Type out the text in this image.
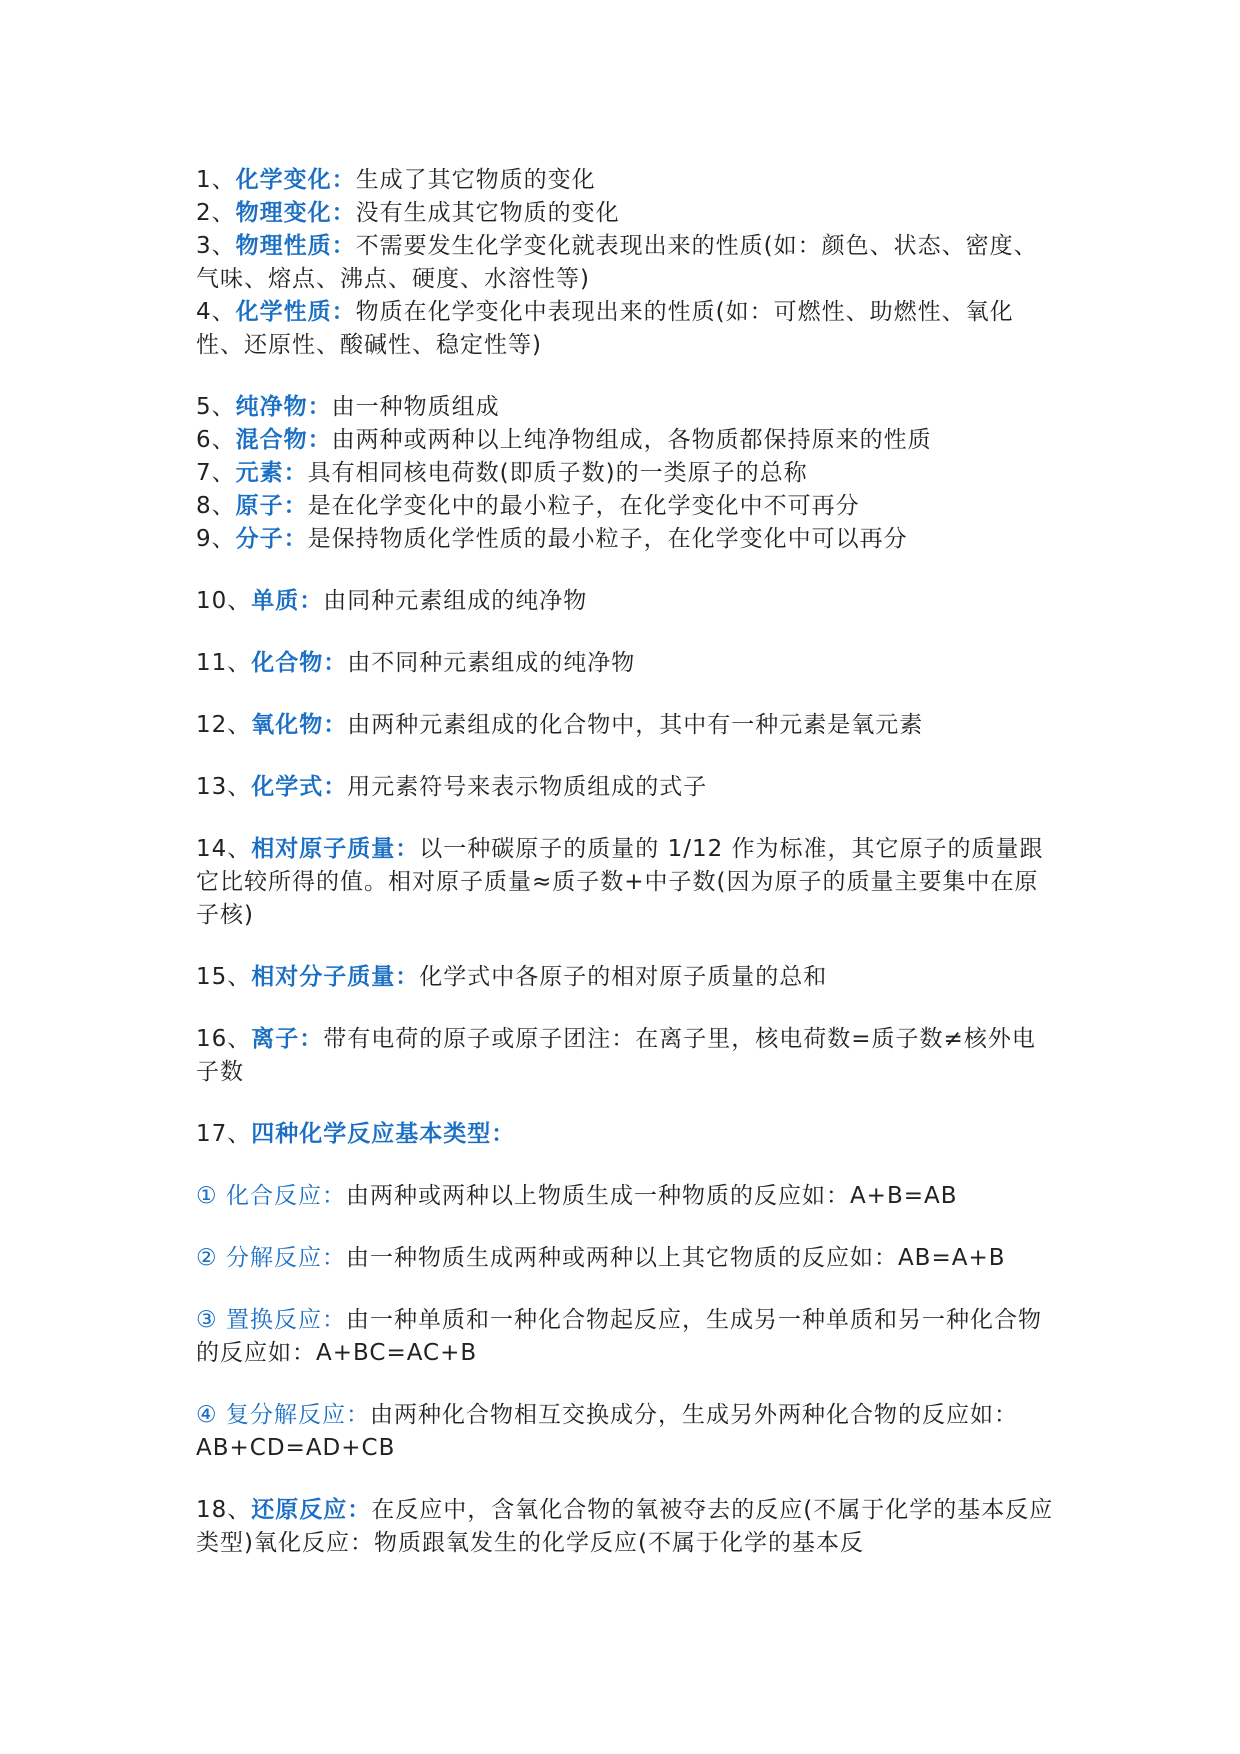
1、化学变化：生成了其它物质的变化
2、物理变化：没有生成其它物质的变化
3、物理性质：不需要发生化学变化就表现出来的性质(如：颜色、状态、密度、气味、熔点、沸点、硬度、水溶性等)
4、化学性质：物质在化学变化中表现出来的性质(如：可燃性、助燃性、氧化性、还原性、酸碱性、稳定性等)
5、纯净物：由一种物质组成
6、混合物：由两种或两种以上纯净物组成，各物质都保持原来的性质
7、元素：具有相同核电荷数(即质子数)的一类原子的总称
8、原子：是在化学变化中的最小粒子，在化学变化中不可再分
9、分子：是保持物质化学性质的最小粒子，在化学变化中可以再分
10、单质：由同种元素组成的纯净物
11、化合物：由不同种元素组成的纯净物
12、氧化物：由两种元素组成的化合物中，其中有一种元素是氧元素
13、化学式：用元素符号来表示物质组成的式子
14、相对原子质量：以一种碳原子的质量的 1/12 作为标准，其它原子的质量跟它比较所得的值。相对原子质量≈质子数+中子数(因为原子的质量主要集中在原子核)
15、相对分子质量：化学式中各原子的相对原子质量的总和
16、离子：带有电荷的原子或原子团注：在离子里，核电荷数=质子数≠核外电子数
17、四种化学反应基本类型：
① 化合反应：由两种或两种以上物质生成一种物质的反应如：A+B=AB
② 分解反应：由一种物质生成两种或两种以上其它物质的反应如：AB=A+B
③ 置换反应：由一种单质和一种化合物起反应，生成另一种单质和另一种化合物的反应如：A+BC=AC+B
④ 复分解反应：由两种化合物相互交换成分，生成另外两种化合物的反应如：AB+CD=AD+CB
18、还原反应：在反应中，含氧化合物的氧被夺去的反应(不属于化学的基本反应类型)氧化反应：物质跟氧发生的化学反应(不属于化学的基本反
